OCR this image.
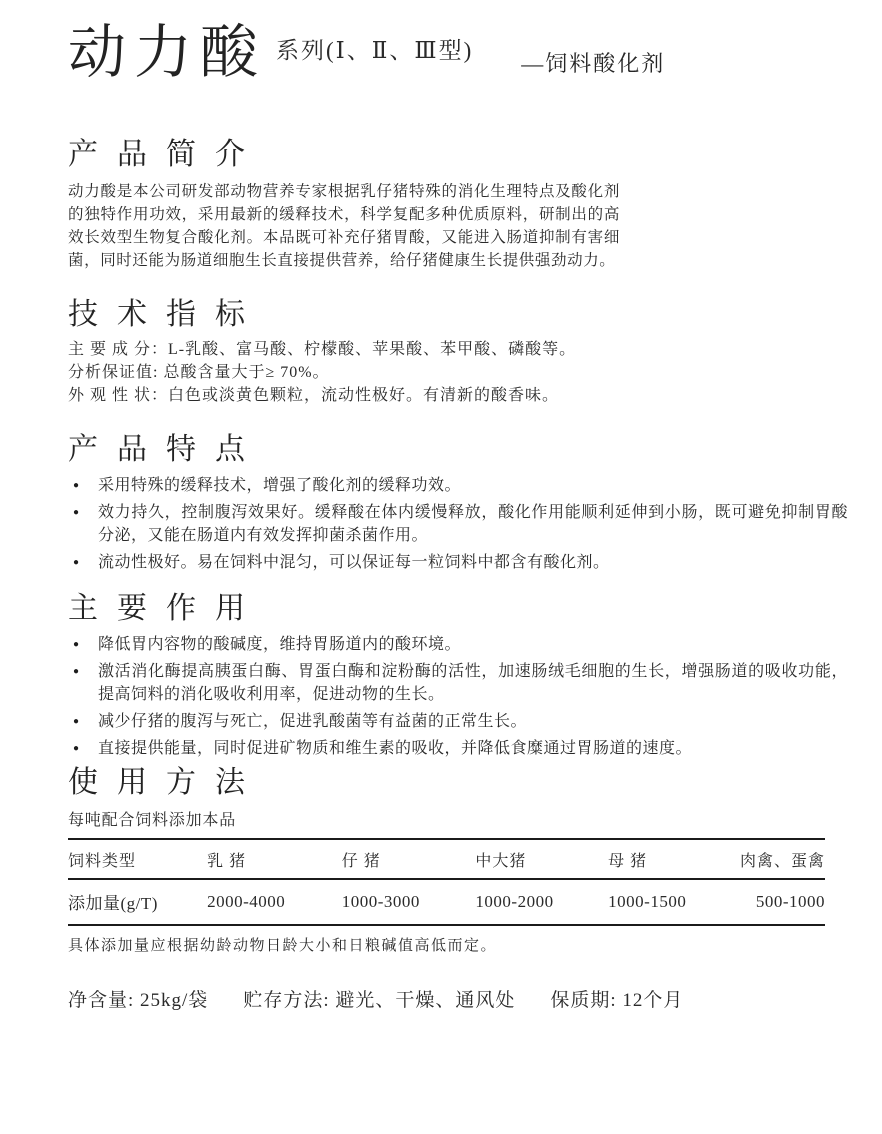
动力酸 系列(Ⅰ、Ⅱ、Ⅲ型)
—饲料酸化剂
产品简介

动力酸是本公司研发部动物营养专家根据乳仔猪特殊的消化生理特点及酸化剂的独特作用功效，采用最新的缓释技术，科学复配多种优质原料，研制出的高效长效型生物复合酸化剂。本品既可补充仔猪胃酸，又能进入肠道抑制有害细菌，同时还能为肠道细胞生长直接提供营养，给仔猪健康生长提供强劲动力。

技术指标
主 要 成 分：L-乳酸、富马酸、柠檬酸、苹果酸、苯甲酸、磷酸等。
分析保证值: 总酸含量大于≥ 70%。
外 观 性 状：白色或淡黄色颗粒，流动性极好。有清新的酸香味。
产品特点
●	采用特殊的缓释技术，增强了酸化剂的缓释功效。
●	效力持久，控制腹泻效果好。缓释酸在体内缓慢释放，酸化作用能顺利延伸到小肠，既可避免抑制胃酸分泌，又能在肠道内有效发挥抑菌杀菌作用。
●	流动性极好。易在饲料中混匀，可以保证每一粒饲料中都含有酸化剂。
主要作用
●	降低胃内容物的酸碱度，维持胃肠道内的酸环境。
●	激活消化酶提高胰蛋白酶、胃蛋白酶和淀粉酶的活性，加速肠绒毛细胞的生长，增强肠道的吸收功能，提高饲料的消化吸收利用率，促进动物的生长。
●	减少仔猪的腹泻与死亡，促进乳酸菌等有益菌的正常生长。
●	直接提供能量，同时促进矿物质和维生素的吸收，并降低食糜通过胃肠道的速度。
使用方法
每吨配合饲料添加本品
饲料类型	乳 猪	仔 猪	中大猪	母 猪	肉禽、蛋禽
添加量(g/T)	2000-4000	1000-3000	1000-2000	1000-1500	500-1000
具体添加量应根据幼龄动物日龄大小和日粮碱值高低而定。
净含量: 25kg/袋 贮存方法: 避光、干燥、通风处 保质期: 12个月
